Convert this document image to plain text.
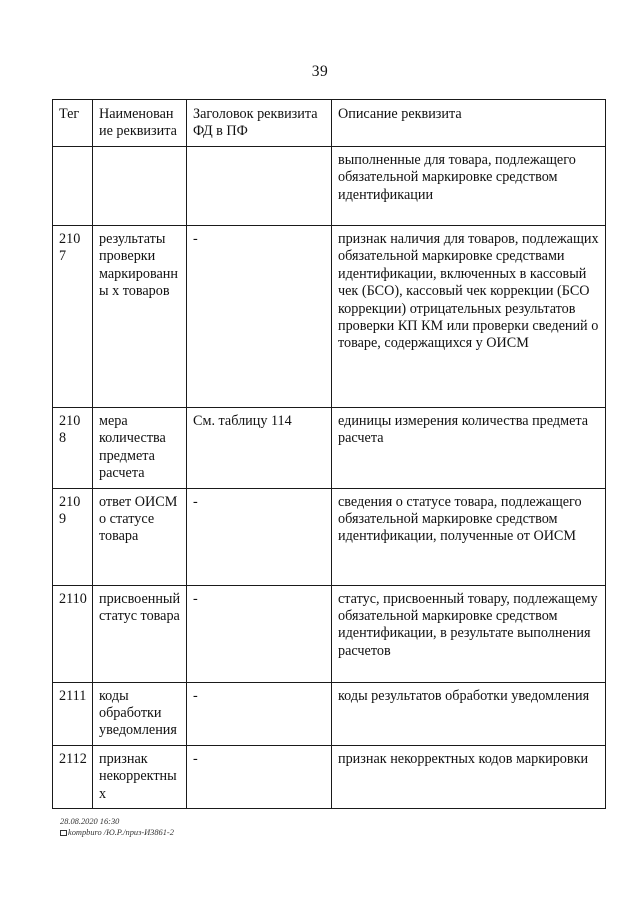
39
Тег	Наименование реквизита	Заголовок реквизита ФД в ПФ	Описание реквизита
			выполненные для товара, подлежащего обязательной маркировке средством идентификации
2107	результаты проверки маркированны х товаров	-	признак наличия для товаров, подлежащих обязательной маркировке средствами идентификации, включенных в кассовый чек (БСО), кассовый чек коррекции (БСО коррекции) отрицательных результатов проверки КП КМ или проверки сведений о товаре, содержащихся у ОИСМ
2108	мера количества предмета расчета	См. таблицу 114	единицы измерения количества предмета расчета
2109	ответ ОИСМ о статусе товара	-	сведения о статусе товара, подлежащего обязательной маркировке средством идентификации, полученные от ОИСМ
2110	присвоенный статус товара	-	статус, присвоенный товару, подлежащему обязательной маркировке средством идентификации, в результате выполнения расчетов
2111	коды обработки уведомления	-	коды результатов обработки уведомления
2112	признак некорректных	-	признак некорректных кодов маркировки
28.08.2020 16:30
kompburo /Ю.Р./приз-И3861-2
